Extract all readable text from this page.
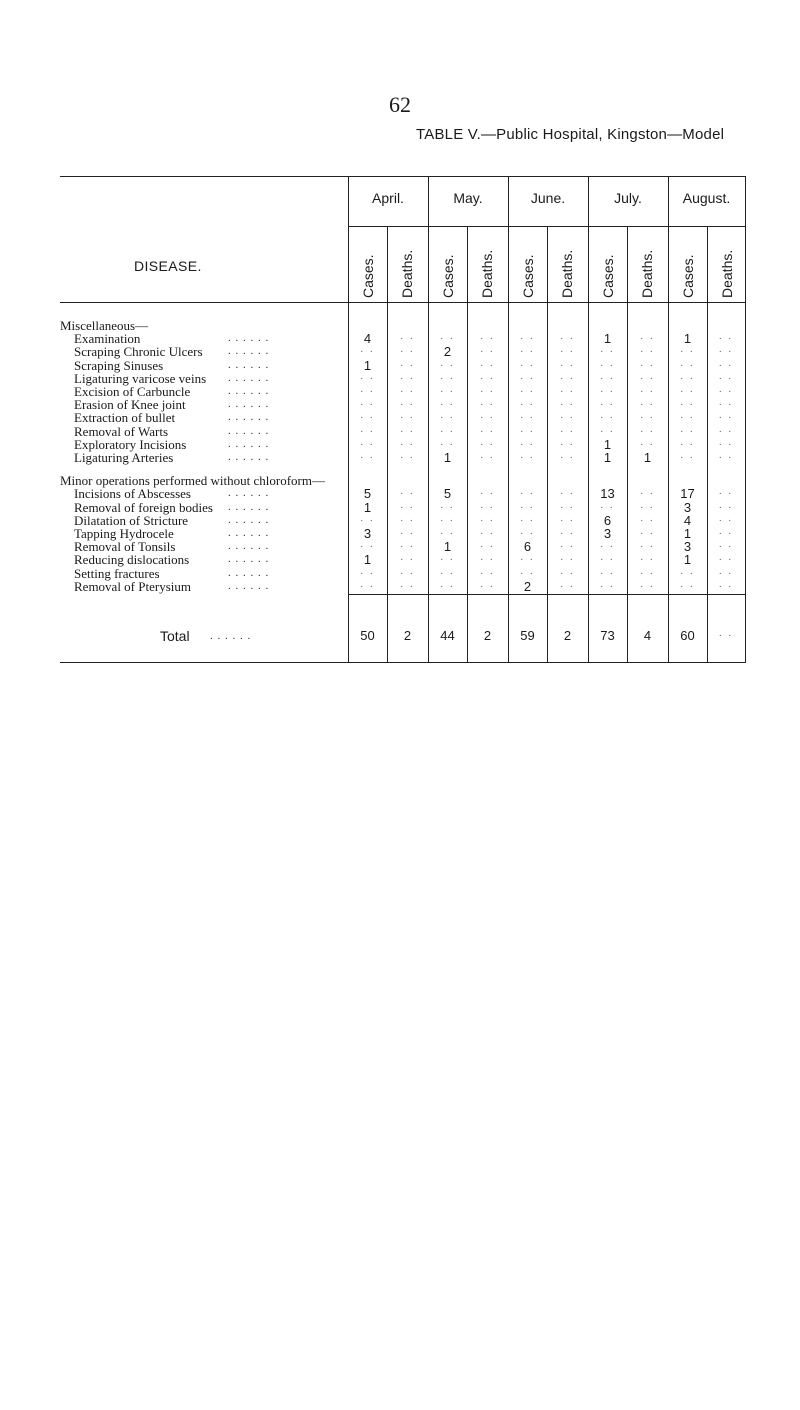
62
TABLE V.—Public Hospital, Kingston—Model
April.	May.	June.	July.	August.
Cases. Deaths. Cases. Deaths. Cases. Deaths. Cases. Deaths. Cases. Deaths.
DISEASE.
Miscellaneous—
Examination	. . . . . .	4	. .	. .	. .	. .	. .	1	. .	1	. .
Scraping Chronic Ulcers . . . . . .	. .	. .	2	. .	. .	. .	. .	. .	. .	. .
Scraping Sinuses	. . . . . .	1	. .	. .	. .	. .	. .	. .	. .	. .	. .
Ligaturing varicose veins . . . . . .	. .	. .	. .	. .	. .	. .	. .	. .	. .	. .
Excision of Carbuncle	. . . . . .	. .	. .	. .	. .	. .	. .	. .	. .	. .	. .
Erasion of Knee joint	. . . . . .	. .	. .	. .	. .	. .	. .	. .	. .	. .	. .
Extraction of bullet	. . . . . .	. .	. .	. .	. .	. .	. .	. .	. .	. .	. .
Removal of Warts	. . . . . .	. .	. .	. .	. .	. .	. .	. .	. .	. .	. .
Exploratory Incisions	. . . . . .	. .	. .	. .	. .	. .	. .	1	. .	. .	. .
Ligaturing Arteries	. . . . . .	. .	. .	1	. .	. .	. .	1	1	. .	. .
Minor operations performed without chloroform—
Incisions of Abscesses	. . . . . .	5	. .	5	. .	. .	. .	13	. .	17	. .
Removal of foreign bodies . . . . . .	1	. .	. .	. .	. .	. .	. .	. .	3	. .
Dilatation of Stricture	. . . . . .	. .	. .	. .	. .	. .	. .	6	. .	4	. .
Tapping Hydrocele	. . . . . .	3	. .	. .	. .	. .	. .	3	. .	1	. .
Removal of Tonsils	. . . . . .	. .	. .	1	. .	6	. .	. .	. .	3	. .
Reducing dislocations	. . . . . .	1	. .	. .	. .	. .	. .	. .	. .	1	. .
Setting fractures	. . . . . .	. .	. .	. .	. .	. .	. .	. .	. .	. .	. .
Removal of Pterysium	. . . . . .	. .	. .	. .	. .	2	. .	. .	. .	. .	. .
Total . . . . . .	50	2	44	2	59	2	73	4	60	. .
